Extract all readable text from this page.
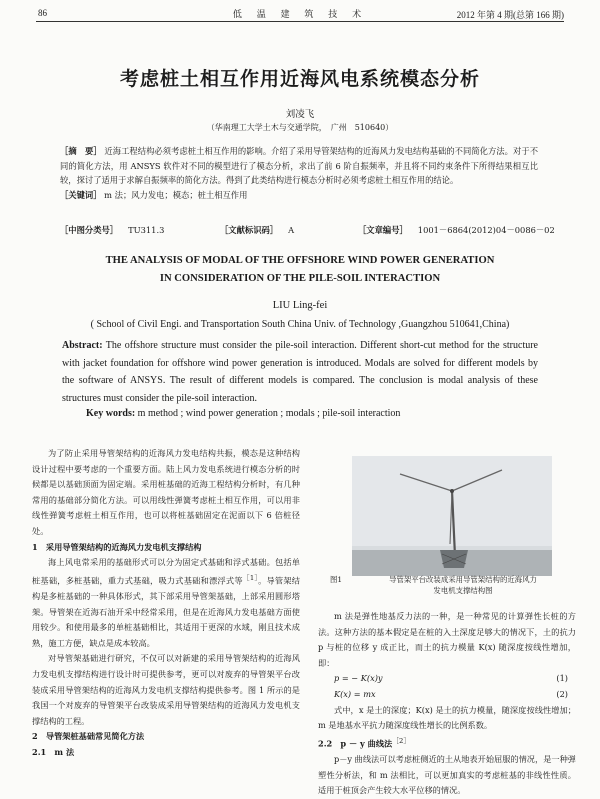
86	低 温 建 筑 技 术	2012 年第 4 期(总第 166 期)
考虑桩土相互作用近海风电系统模态分析
刘凌飞
（华南理工大学土木与交通学院，　广州　510640）
［摘　要］ 近海工程结构必须考虑桩土相互作用的影响。介绍了采用导管架结构的近海风力发电结构基础的不同简化方法。对于不同的简化方法，用 ANSYS 软件对不同的模型进行了模态分析，求出了前 6 阶自振频率，并且将不同约束条件下所得结果相互比较，探讨了适用于求解自振频率的简化方法。得到了此类结构进行模态分析时必须考虑桩土相互作用的结论。
［关键词］ m 法；风力发电；模态；桩土相互作用
［中图分类号］ TU311.3	［文献标识码］ A	［文章编号］ 1001－6864(2012)04－0086－02
THE ANALYSIS OF MODAL OF THE OFFSHORE WIND POWER GENERATION
IN CONSIDERATION OF THE PILE-SOIL INTERACTION
LIU Ling-fei
( School of Civil Engi. and Transportation South China Univ. of Technology ,Guangzhou 510641,China)
Abstract: The offshore structure must consider the pile-soil interaction. Different short-cut method for the structure with jacket foundation for offshore wind power generation is introduced. Modals are solved for different models by the software of ANSYS. The result of different models is compared. The conclusion is modal analysis of these structures must consider the pile-soil interaction.
Key words: m method ; wind power generation ; modals ; pile-soil interaction

为了防止采用导管架结构的近海风力发电结构共振，模态是这种结构设计过程中要考虑的一个重要方面。陆上风力发电系统进行模态分析的时候都是以基础顶面为固定端。采用桩基础的近海工程结构分析时，有几种常用的基础部分简化方法。可以用线性弹簧考虑桩土相互作用，可以用非线性弹簧考虑桩土相互作用，也可以将桩基础固定在泥面以下 6 倍桩径处。

1　采用导管架结构的近海风力发电机支撑结构

海上风电常采用的基础形式可以分为固定式基础和浮式基础。包括单桩基础，多桩基础，重力式基础，吸力式基础和漂浮式等$^{[1]}$。导管架结构是多桩基础的一种具体形式，其下部采用导管架基础，上部采用圆形塔架。导管架在近海石油开采中经常采用，但是在近海风力发电基础方面使用较少。和使用最多的单桩基础相比，其适用于更深的水域，刚且技术成熟，施工方便，缺点是成本较高。

对导管架基础进行研究，不仅可以对新建的采用导管架结构的近海风力发电机支撑结构进行设计时可提供参考，更可以对废弃的导管架平台改装成采用导管架结构的近海风力发电机支撑结构提供参考。图 1 所示的是我国一个对废弃的导管架平台改装成采用导管架结构的近海风力发电机支撑结构的工程。

2　导管架桩基础常见简化方法

2.1　m 法

图1	导管架平台改装成采用导管架结构的近海风力发电机支撑结构图

m 法是弹性地基反力法的一种，是一种常见的计算弹性长桩的方法。这种方法的基本假定是在桩的入土深度足够大的情况下，土的抗力 p 与桩的位移 y 成正比，而土的抗力模量 K(x) 随深度按线性增加，即：

p = − K(x)y	(1)
K(x) = mx	(2)

式中，x 是土的深度；K(x) 是土的抗力模量，随深度按线性增加；m 是地基水平抗力随深度线性增长的比例系数。

2.2　p － y 曲线法$^{[2]}$

p－y 曲线法可以考虑桩侧近的土从地表开始屈服的情况，是一种弹塑性分析法，和 m 法相比，可以更加真实的考虑桩基的非线性性质。适用于桩顶会产生较大水平位移的情况。
